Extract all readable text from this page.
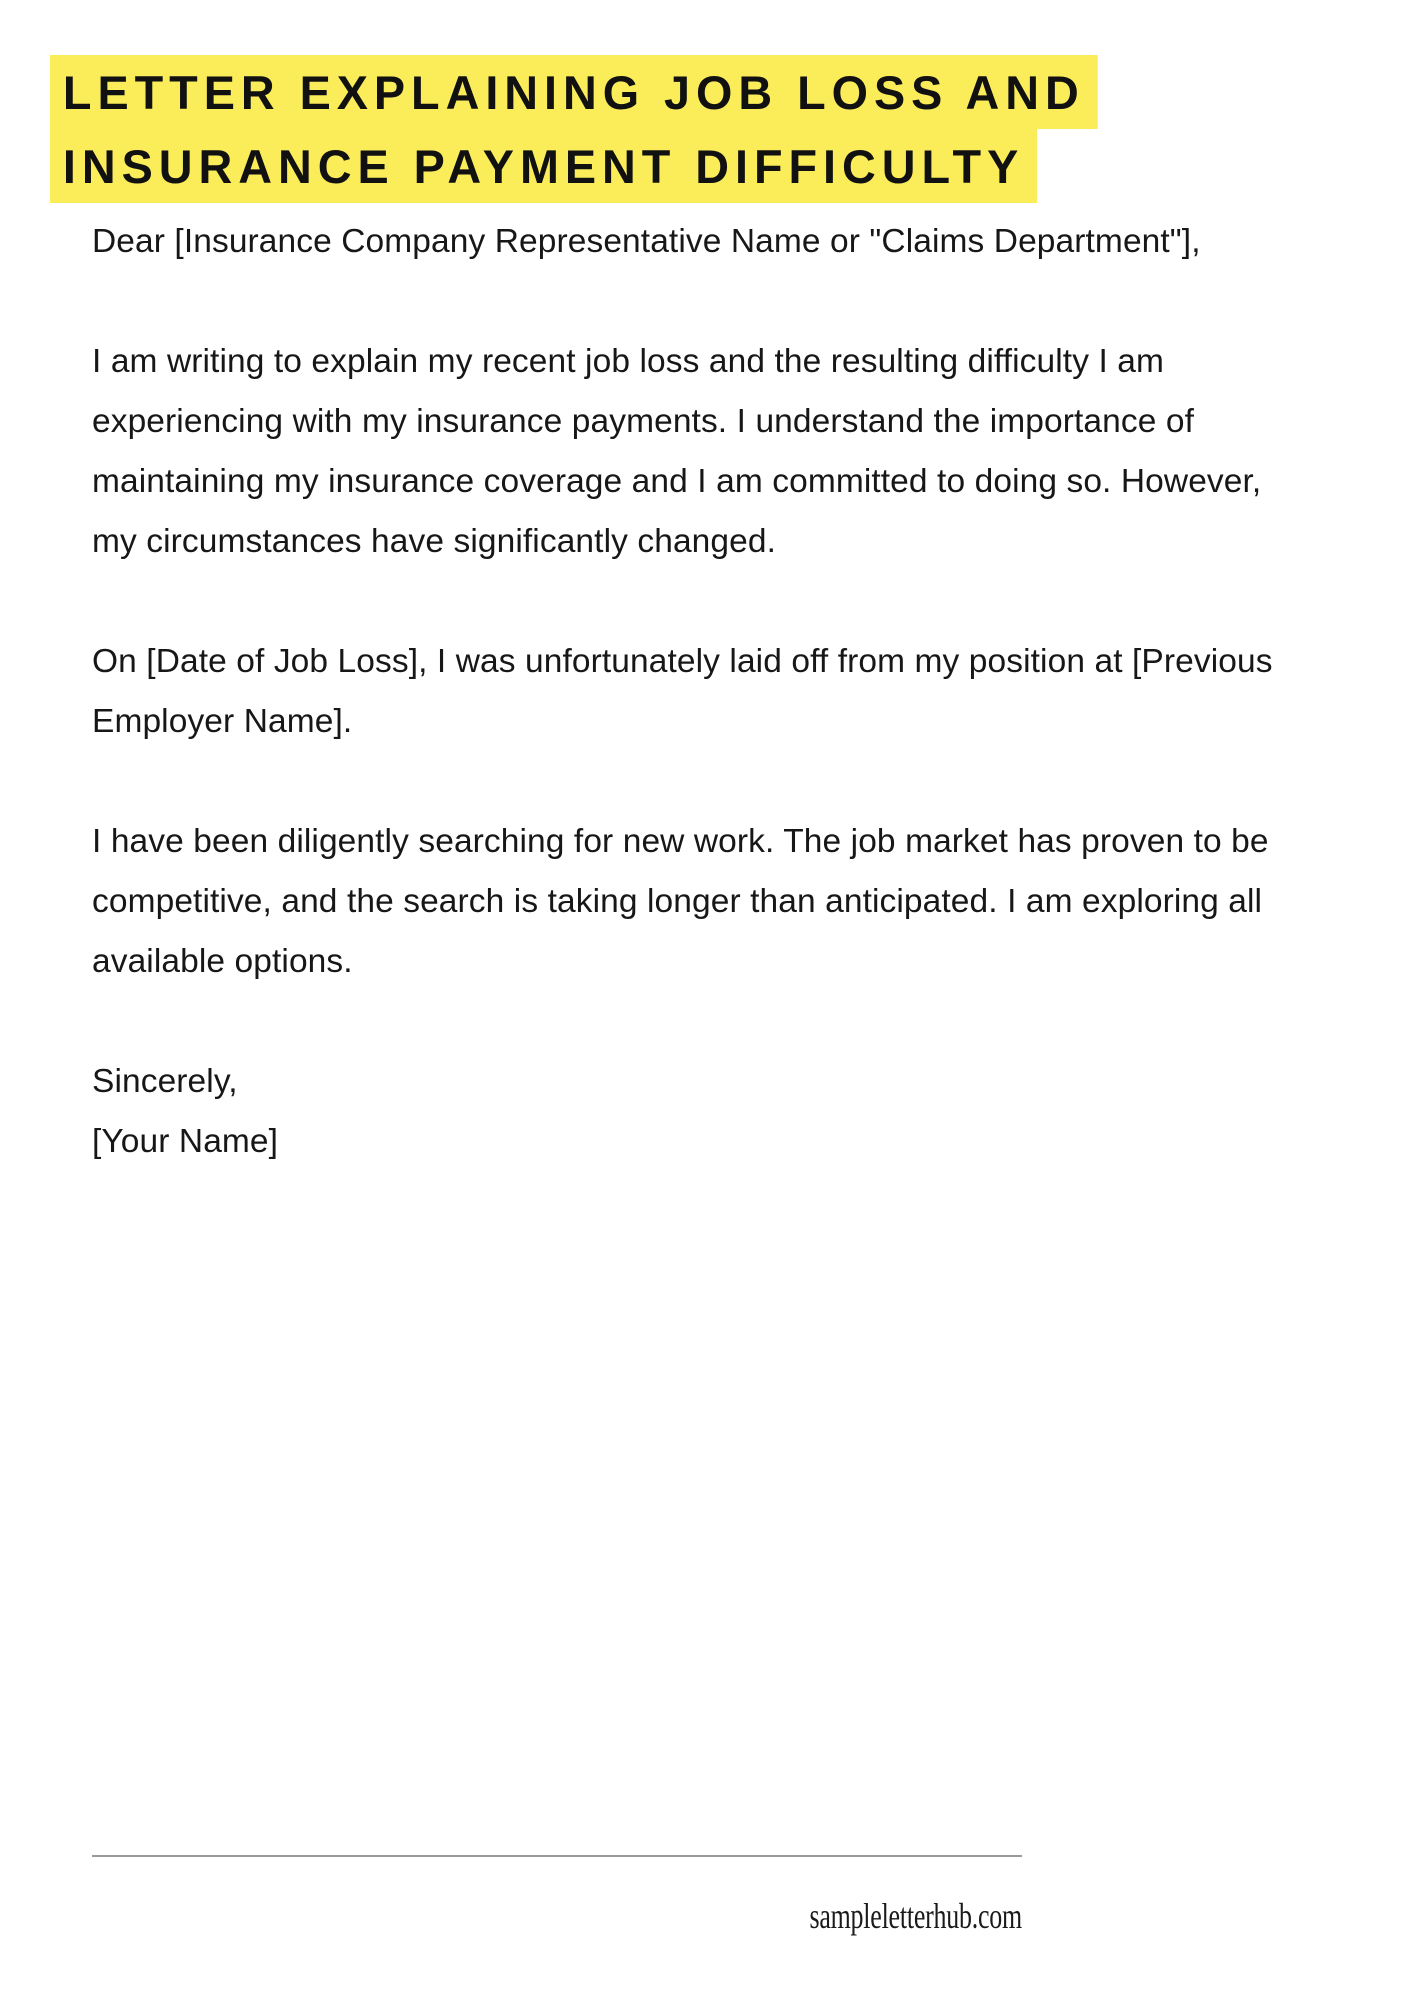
LETTER EXPLAINING JOB LOSS AND
INSURANCE PAYMENT DIFFICULTY

Dear [Insurance Company Representative Name or "Claims Department"],

I am writing to explain my recent job loss and the resulting difficulty I am experiencing with my insurance payments. I understand the importance of maintaining my insurance coverage and I am committed to doing so. However, my circumstances have significantly changed.

On [Date of Job Loss], I was unfortunately laid off from my position at [Previous Employer Name].

I have been diligently searching for new work. The job market has proven to be competitive, and the search is taking longer than anticipated. I am exploring all available options.

Sincerely,

[Your Name]

sampleletterhub.com
